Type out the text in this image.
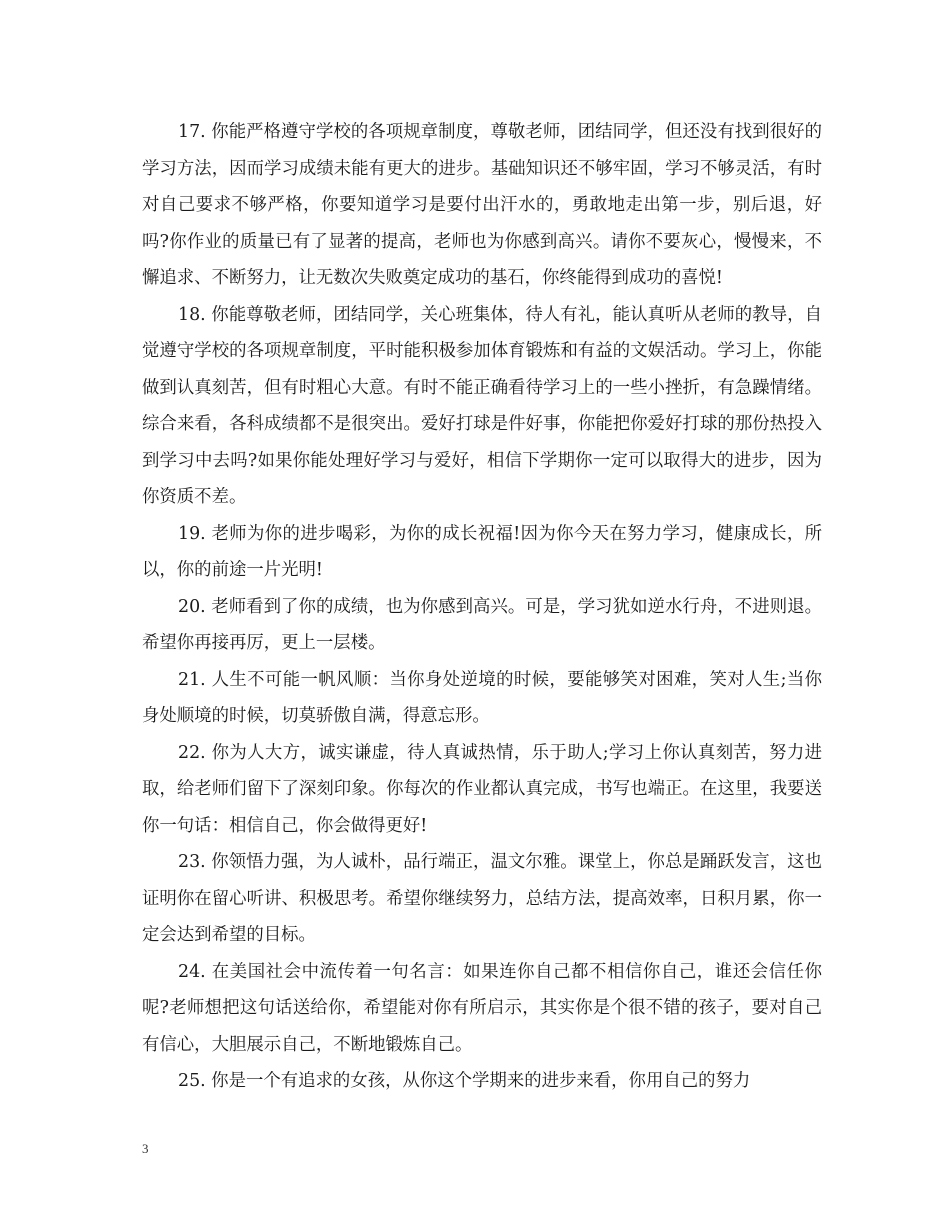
17. 你能严格遵守学校的各项规章制度，尊敬老师，团结同学，但还没有找到很好的学习方法，因而学习成绩未能有更大的进步。基础知识还不够牢固，学习不够灵活，有时对自己要求不够严格，你要知道学习是要付出汗水的，勇敢地走出第一步，别后退，好吗?你作业的质量已有了显著的提高，老师也为你感到高兴。请你不要灰心，慢慢来，不懈追求、不断努力，让无数次失败奠定成功的基石，你终能得到成功的喜悦!

18. 你能尊敬老师，团结同学，关心班集体，待人有礼，能认真听从老师的教导，自觉遵守学校的各项规章制度，平时能积极参加体育锻炼和有益的文娱活动。学习上，你能做到认真刻苦，但有时粗心大意。有时不能正确看待学习上的一些小挫折，有急躁情绪。综合来看，各科成绩都不是很突出。爱好打球是件好事，你能把你爱好打球的那份热投入到学习中去吗?如果你能处理好学习与爱好，相信下学期你一定可以取得大的进步，因为你资质不差。

19. 老师为你的进步喝彩，为你的成长祝福!因为你今天在努力学习，健康成长，所以，你的前途一片光明!

20. 老师看到了你的成绩，也为你感到高兴。可是，学习犹如逆水行舟，不进则退。希望你再接再厉，更上一层楼。

21. 人生不可能一帆风顺：当你身处逆境的时候，要能够笑对困难，笑对人生;当你身处顺境的时候，切莫骄傲自满，得意忘形。

22. 你为人大方，诚实谦虚，待人真诚热情，乐于助人;学习上你认真刻苦，努力进取，给老师们留下了深刻印象。你每次的作业都认真完成，书写也端正。在这里，我要送你一句话：相信自己，你会做得更好!

23. 你领悟力强，为人诚朴，品行端正，温文尔雅。课堂上，你总是踊跃发言，这也证明你在留心听讲、积极思考。希望你继续努力，总结方法，提高效率，日积月累，你一定会达到希望的目标。

24. 在美国社会中流传着一句名言：如果连你自己都不相信你自己，谁还会信任你呢?老师想把这句话送给你，希望能对你有所启示，其实你是个很不错的孩子，要对自己有信心，大胆展示自己，不断地锻炼自己。

25. 你是一个有追求的女孩，从你这个学期来的进步来看，你用自己的努力

3
